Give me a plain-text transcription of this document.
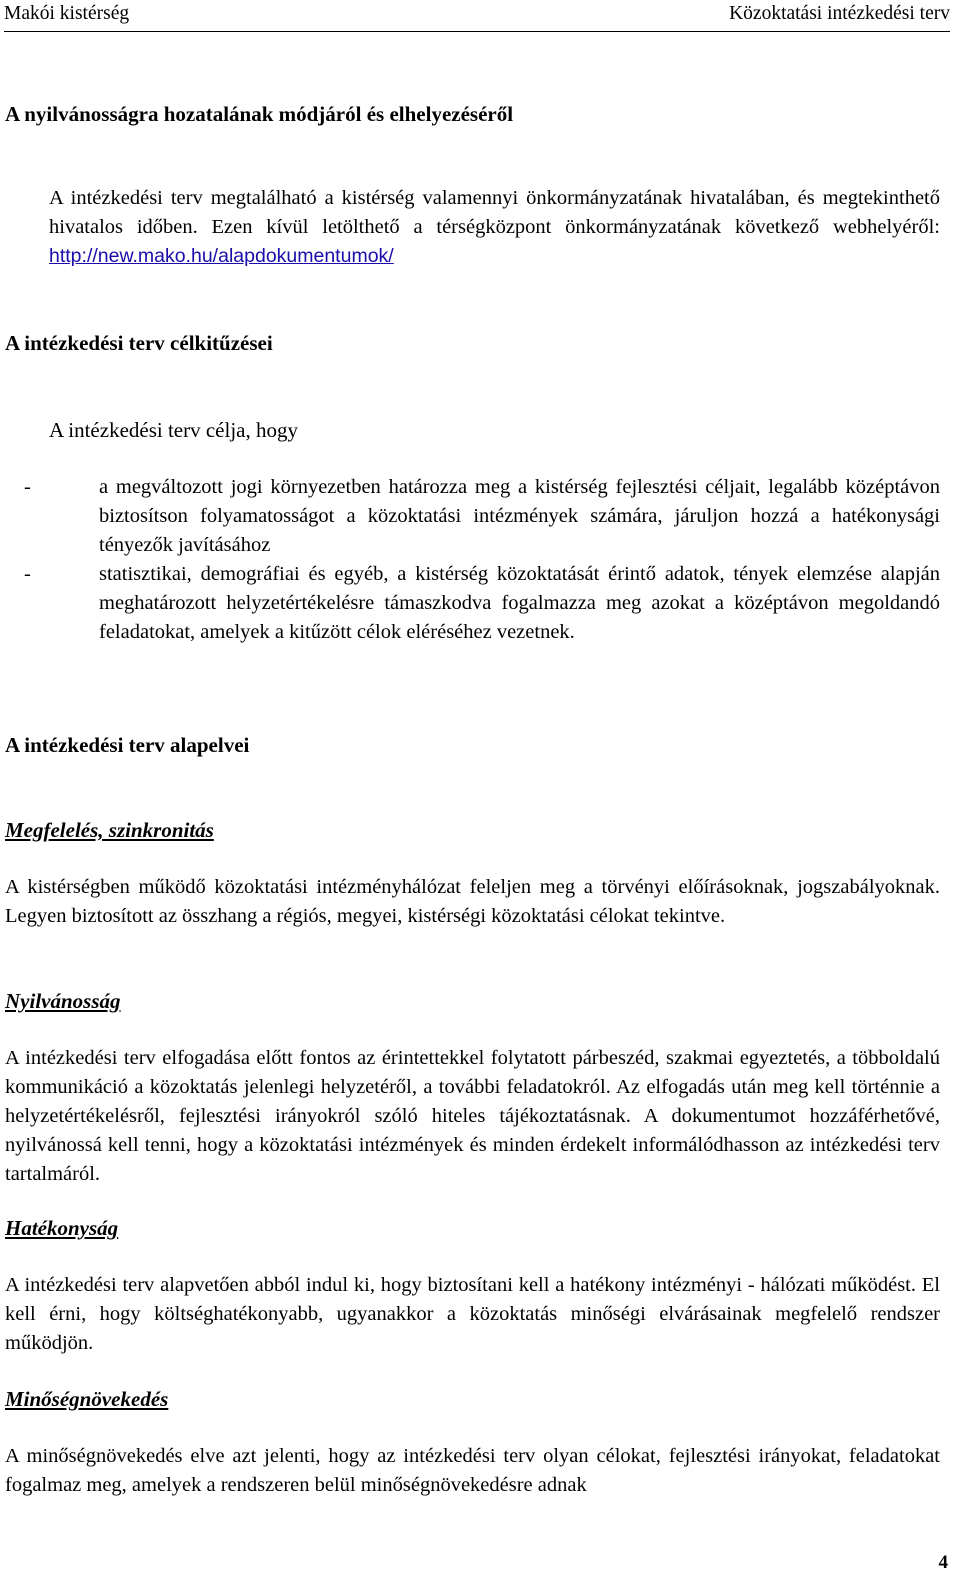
Makói kistérség	Közoktatási intézkedési terv
A nyilvánosságra hozatalának módjáról és elhelyezéséről
A intézkedési terv megtalálható a kistérség valamennyi önkormányzatának hivatalában, és megtekinthető hivatalos időben. Ezen kívül letölthető a térségközpont önkormányzatának következő webhelyéről: http://new.mako.hu/alapdokumentumok/
A intézkedési terv célkitűzései
A intézkedési terv célja, hogy
-	a megváltozott jogi környezetben határozza meg a kistérség fejlesztési céljait, legalább középtávon biztosítson folyamatosságot a közoktatási intézmények számára, járuljon hozzá a hatékonysági tényezők javításához
-	statisztikai, demográfiai és egyéb, a kistérség közoktatását érintő adatok, tények elemzése alapján meghatározott helyzetértékelésre támaszkodva fogalmazza meg azokat a középtávon megoldandó feladatokat, amelyek a kitűzött célok eléréséhez vezetnek.
A intézkedési terv alapelvei
Megfelelés, szinkronitás
A kistérségben működő közoktatási intézményhálózat feleljen meg a törvényi előírásoknak, jogszabályoknak. Legyen biztosított az összhang a régiós, megyei, kistérségi közoktatási célokat tekintve.
Nyilvánosság
A intézkedési terv elfogadása előtt fontos az érintettekkel folytatott párbeszéd, szakmai egyeztetés, a többoldalú kommunikáció a közoktatás jelenlegi helyzetéről, a további feladatokról. Az elfogadás után meg kell történnie a helyzetértékelésről, fejlesztési irányokról szóló hiteles tájékoztatásnak. A dokumentumot hozzáférhetővé, nyilvánossá kell tenni, hogy a közoktatási intézmények és minden érdekelt informálódhasson az intézkedési terv tartalmáról.
Hatékonyság
A intézkedési terv alapvetően abból indul ki, hogy biztosítani kell a hatékony intézményi - hálózati működést. El kell érni, hogy költséghatékonyabb, ugyanakkor a közoktatás minőségi elvárásainak megfelelő rendszer működjön.
Minőségnövekedés
A minőségnövekedés elve azt jelenti, hogy az intézkedési terv olyan célokat, fejlesztési irányokat, feladatokat fogalmaz meg, amelyek a rendszeren belül minőségnövekedésre adnak
4
